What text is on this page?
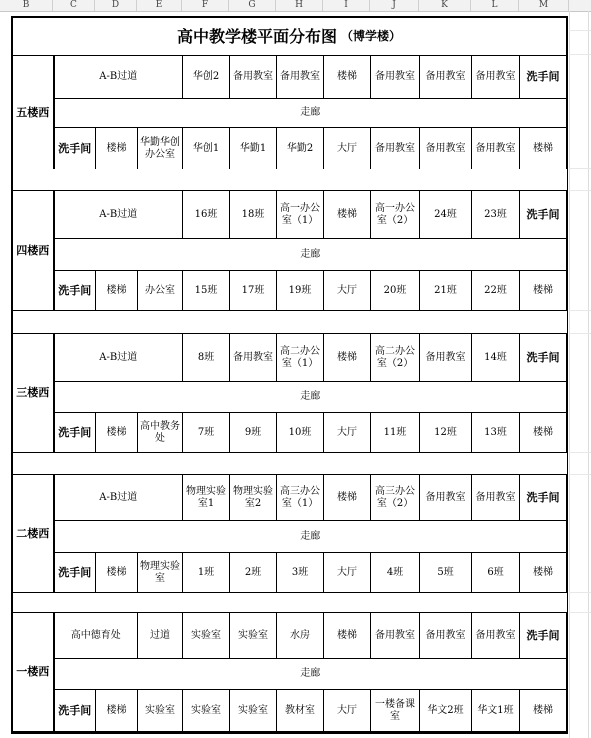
B	C	D	E	F	G	H	I	J	K	L	M
高中教学楼平面分布图 （博学楼）
五楼西	A-B过道			华创2	备用教室	备用教室	楼梯	备用教室	备用教室	备用教室	洗手间
	走廊										
	洗手间	楼梯	华勤华创办公室	华创1	华勤1	华勤2	大厅	备用教室	备用教室	备用教室	楼梯
四楼西	A-B过道			16班	18班	高一办公室（1）	楼梯	高一办公室（2）	24班	23班	洗手间
	走廊										
	洗手间	楼梯	办公室	15班	17班	19班	大厅	20班	21班	22班	楼梯
三楼西	A-B过道			8班	备用教室	高二办公室（1）	楼梯	高二办公室（2）	备用教室	14班	洗手间
	走廊										
	洗手间	楼梯	高中教务处	7班	9班	10班	大厅	11班	12班	13班	楼梯
二楼西	A-B过道			物理实验室1	物理实验室2	高三办公室（1）	楼梯	高三办公室（2）	备用教室	备用教室	洗手间
	走廊										
	洗手间	楼梯	物理实验室	1班	2班	3班	大厅	4班	5班	6班	楼梯
一楼西	高中德育处		过道	实验室	实验室	水房	楼梯	备用教室	备用教室	备用教室	洗手间
	走廊										
	洗手间	楼梯	实验室	实验室	实验室	教材室	大厅	一楼备课室	华文2班	华文1班	楼梯
